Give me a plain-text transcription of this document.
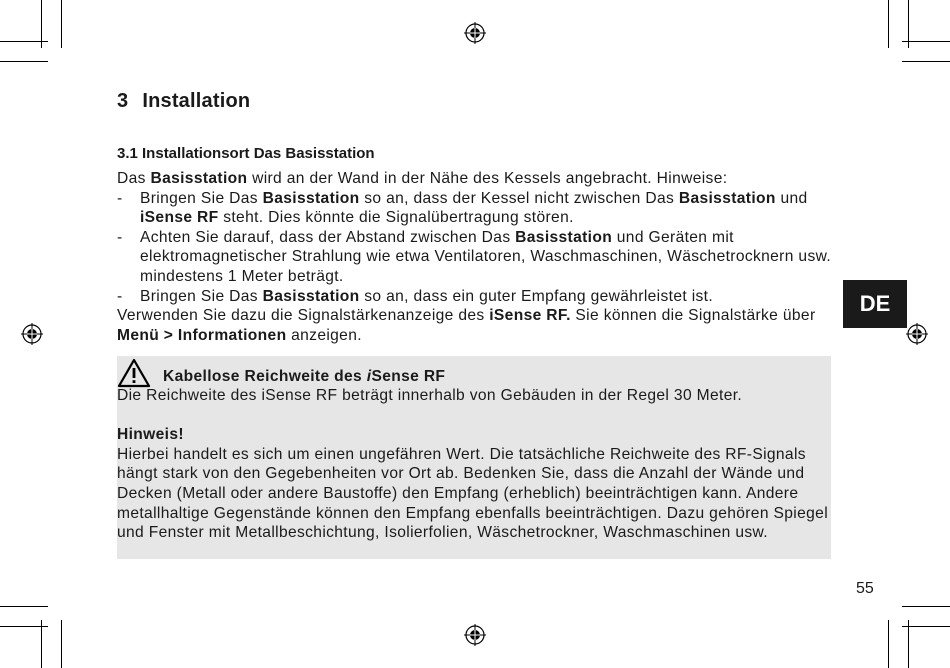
3 Installation
3.1 Installationsort Das Basisstation

Das Basisstation wird an der Wand in der Nähe des Kessels angebracht. Hinweise:

- Bringen Sie Das Basisstation so an, dass der Kessel nicht zwischen Das Basisstation und iSense RF steht. Dies könnte die Signalübertragung stören.

- Achten Sie darauf, dass der Abstand zwischen Das Basisstation und Geräten mit elektromagnetischer Strahlung wie etwa Ventilatoren, Waschmaschinen, Wäschetrocknern usw. mindestens 1 Meter beträgt.

- Bringen Sie Das Basisstation so an, dass ein guter Empfang gewährleistet ist.

Verwenden Sie dazu die Signalstärkenanzeige des iSense RF. Sie können die Signalstärke über Menü > Informationen anzeigen.

Kabellose Reichweite des iSense RF

Die Reichweite des iSense RF beträgt innerhalb von Gebäuden in der Regel 30 Meter.

Hinweis!

Hierbei handelt es sich um einen ungefähren Wert. Die tatsächliche Reichweite des RF-Signals hängt stark von den Gegebenheiten vor Ort ab. Bedenken Sie, dass die Anzahl der Wände und Decken (Metall oder andere Baustoffe) den Empfang (erheblich) beeinträchtigen kann. Andere metallhaltige Gegenstände können den Empfang ebenfalls beeinträchtigen. Dazu gehören Spiegel und Fenster mit Metallbeschichtung, Isolierfolien, Wäschetrockner, Waschmaschinen usw.

DE
55
